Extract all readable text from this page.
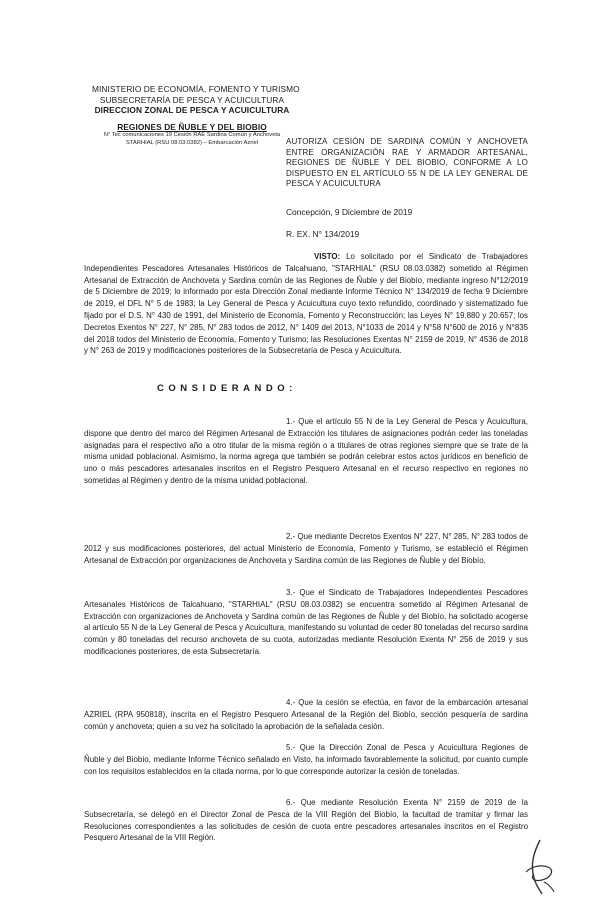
MINISTERIO DE ECONOMÍA, FOMENTO Y TURISMO
SUBSECRETARÍA DE PESCA Y ACUICULTURA
DIRECCION ZONAL DE PESCA Y ACUICULTURA
REGIONES DE ÑUBLE Y DEL BIOBIO
N° Tec comunicaciones 19 Cesión RAE Sardina Común y Anchoveta
STARHIAL (RSU 08.03.0382) – Embarcación Azriel	AUTORIZA CESIÓN DE SARDINA COMÚN Y ANCHOVETA ENTRE ORGANIZACIÓN RAE Y ARMADOR ARTESANAL, REGIONES DE ÑUBLE Y DEL BIOBIO, CONFORME A LO DISPUESTO EN EL ARTÍCULO 55 N DE LA LEY GENERAL DE PESCA Y ACUICULTURA
Concepción, 9 Diciembre de 2019
R. EX. N° 134/2019
VISTO: Lo solicitado por el Sindicato de Trabajadores Independientes Pescadores Artesanales Históricos de Talcahuano, "STARHIAL" (RSU 08.03.0382) sometido al Régimen Artesanal de Extracción de Anchoveta y Sardina común de las Regiones de Ñuble y del Biobío, mediante ingreso N°12/2019 de 5 Diciembre de 2019; lo informado por esta Dirección Zonal mediante Informe Técnico N° 134/2019 de fecha 9 Diciembre de 2019, el DFL N° 5 de 1983; la Ley General de Pesca y Acuicultura cuyo texto refundido, coordinado y sistematizado fue fijado por el D.S. N° 430 de 1991, del Ministerio de Economía, Fomento y Reconstrucción; las Leyes N° 19.880 y 20.657; los Decretos Exentos N° 227, N° 285, N° 283 todos de 2012, N° 1409 del 2013, N°1033 de 2014 y N°58 N°600 de 2016 y N°835 del 2018 todos del Ministerio de Economía, Fomento y Turismo; las Resoluciones Exentas N° 2159 de 2019, N° 4536 de 2018 y N° 263 de 2019 y modificaciones posteriores de la Subsecretaría de Pesca y Acuicultura.
CONSIDERANDO:
1.- Que el artículo 55 N de la Ley General de Pesca y Acuicultura, dispone que dentro del marco del Régimen Artesanal de Extracción los titulares de asignaciones podrán ceder las toneladas asignadas para el respectivo año a otro titular de la misma región o a titulares de otras regiones siempre que se trate de la misma unidad poblacional. Asimismo, la norma agrega que también se podrán celebrar estos actos jurídicos en beneficio de uno o más pescadores artesanales inscritos en el Registro Pesquero Artesanal en el recurso respectivo en regiones no sometidas al Régimen y dentro de la misma unidad poblacional.
2.- Que mediante Decretos Exentos N° 227, N° 285, N° 283 todos de 2012 y sus modificaciones posteriores, del actual Ministerio de Economía, Fomento y Turismo, se estableció el Régimen Artesanal de Extracción por organizaciones de Anchoveta y Sardina común de las Regiones de Ñuble y del Biobío.
3.- Que el Sindicato de Trabajadores Independientes Pescadores Artesanales Históricos de Talcahuano, "STARHIAL" (RSU 08.03.0382) se encuentra sometido al Régimen Artesanal de Extracción con organizaciones de Anchoveta y Sardina común de las Regiones de Ñuble y del Biobío, ha solicitado acogerse al artículo 55 N de la Ley General de Pesca y Acuicultura, manifestando su voluntad de ceder 80 toneladas del recurso sardina común y 80 toneladas del recurso anchoveta de su cuota, autorizadas mediante Resolución Exenta N° 256 de 2019 y sus modificaciones posteriores, de esta Subsecretaría.
4.- Que la cesión se efectúa, en favor de la embarcación artesanal AZRIEL (RPA 950818), inscrita en el Registro Pesquero Artesanal de la Región del Biobío, sección pesquería de sardina común y anchoveta; quien a su vez ha solicitado la aprobación de la señalada cesión.
5.- Que la Dirección Zonal de Pesca y Acuicultura Regiones de Ñuble y del Biobío, mediante Informe Técnico señalado en Visto, ha informado favorablemente la solicitud, por cuanto cumple con los requisitos establecidos en la citada norma, por lo que corresponde autorizar la cesión de toneladas.
6.- Que mediante Resolución Exenta N° 2159 de 2019 de la Subsecretaría, se delegó en el Director Zonal de Pesca de la VIII Región del Biobío, la facultad de tramitar y firmar las Resoluciones correspondientes a las solicitudes de cesión de cuota entre pescadores artesanales inscritos en el Registro Pesquero Artesanal de la VIII Región.
